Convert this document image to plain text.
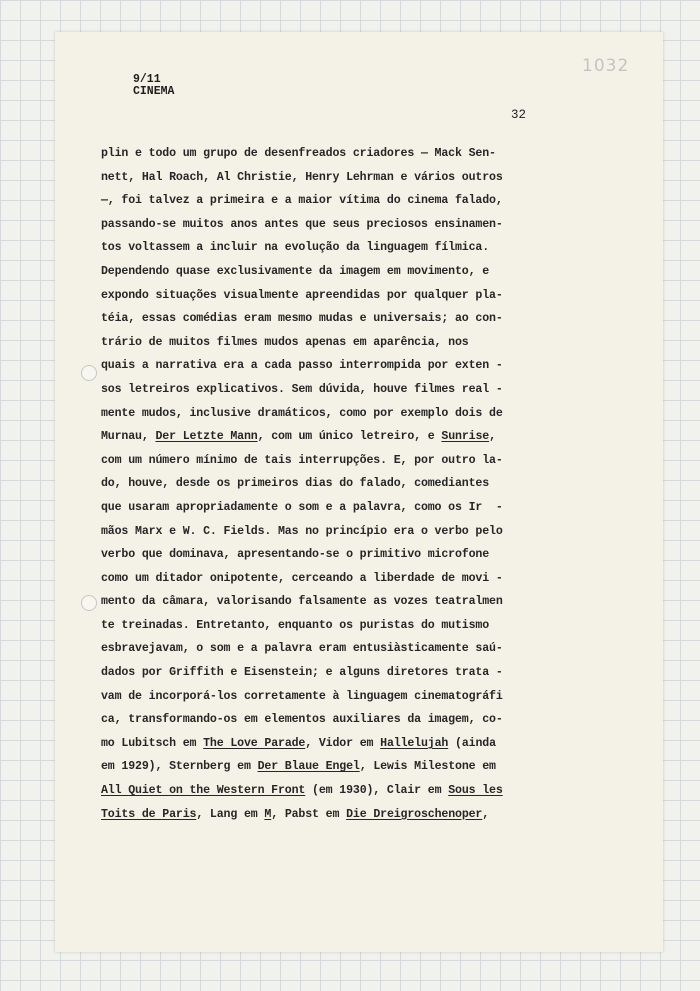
1032
9/11
CINEMA
32
plin e todo um grupo de desenfreados criadores — Mack Sen-
nett, Hal Roach, Al Christie, Henry Lehrman e vários outros
—, foi talvez a primeira e a maior vítima do cinema falado,
passando-se muitos anos antes que seus preciosos ensinamen-
tos voltassem a incluir na evolução da linguagem fílmica.
Dependendo quase exclusivamente da imagem em movimento, e
expondo situações visualmente apreendidas por qualquer pla-
téia, essas comédias eram mesmo mudas e universais; ao con-
trário de muitos filmes mudos apenas em aparência, nos
quais a narrativa era a cada passo interrompida por exten -
sos letreiros explicativos. Sem dúvida, houve filmes real -
mente mudos, inclusive dramáticos, como por exemplo dois de
Murnau, Der Letzte Mann, com um único letreiro, e Sunrise,
com um número mínimo de tais interrupções. E, por outro la-
do, houve, desde os primeiros dias do falado, comediantes
que usaram apropriadamente o som e a palavra, como os Ir  -
mãos Marx e W. C. Fields. Mas no princípio era o verbo pelo
verbo que dominava, apresentando-se o primitivo microfone
como um ditador onipotente, cerceando a liberdade de movi -
mento da câmara, valorisando falsamente as vozes teatralmen
te treinadas. Entretanto, enquanto os puristas do mutismo
esbravejavam, o som e a palavra eram entusiàsticamente saú-
dados por Griffith e Eisenstein; e alguns diretores trata -
vam de incorporá-los corretamente à linguagem cinematográfi
ca, transformando-os em elementos auxiliares da imagem, co-
mo Lubitsch em The Love Parade, Vidor em Hallelujah (ainda
em 1929), Sternberg em Der Blaue Engel, Lewis Milestone em
All Quiet on the Western Front (em 1930), Clair em Sous les
Toits de Paris, Lang em M, Pabst em Die Dreigroschenoper,
